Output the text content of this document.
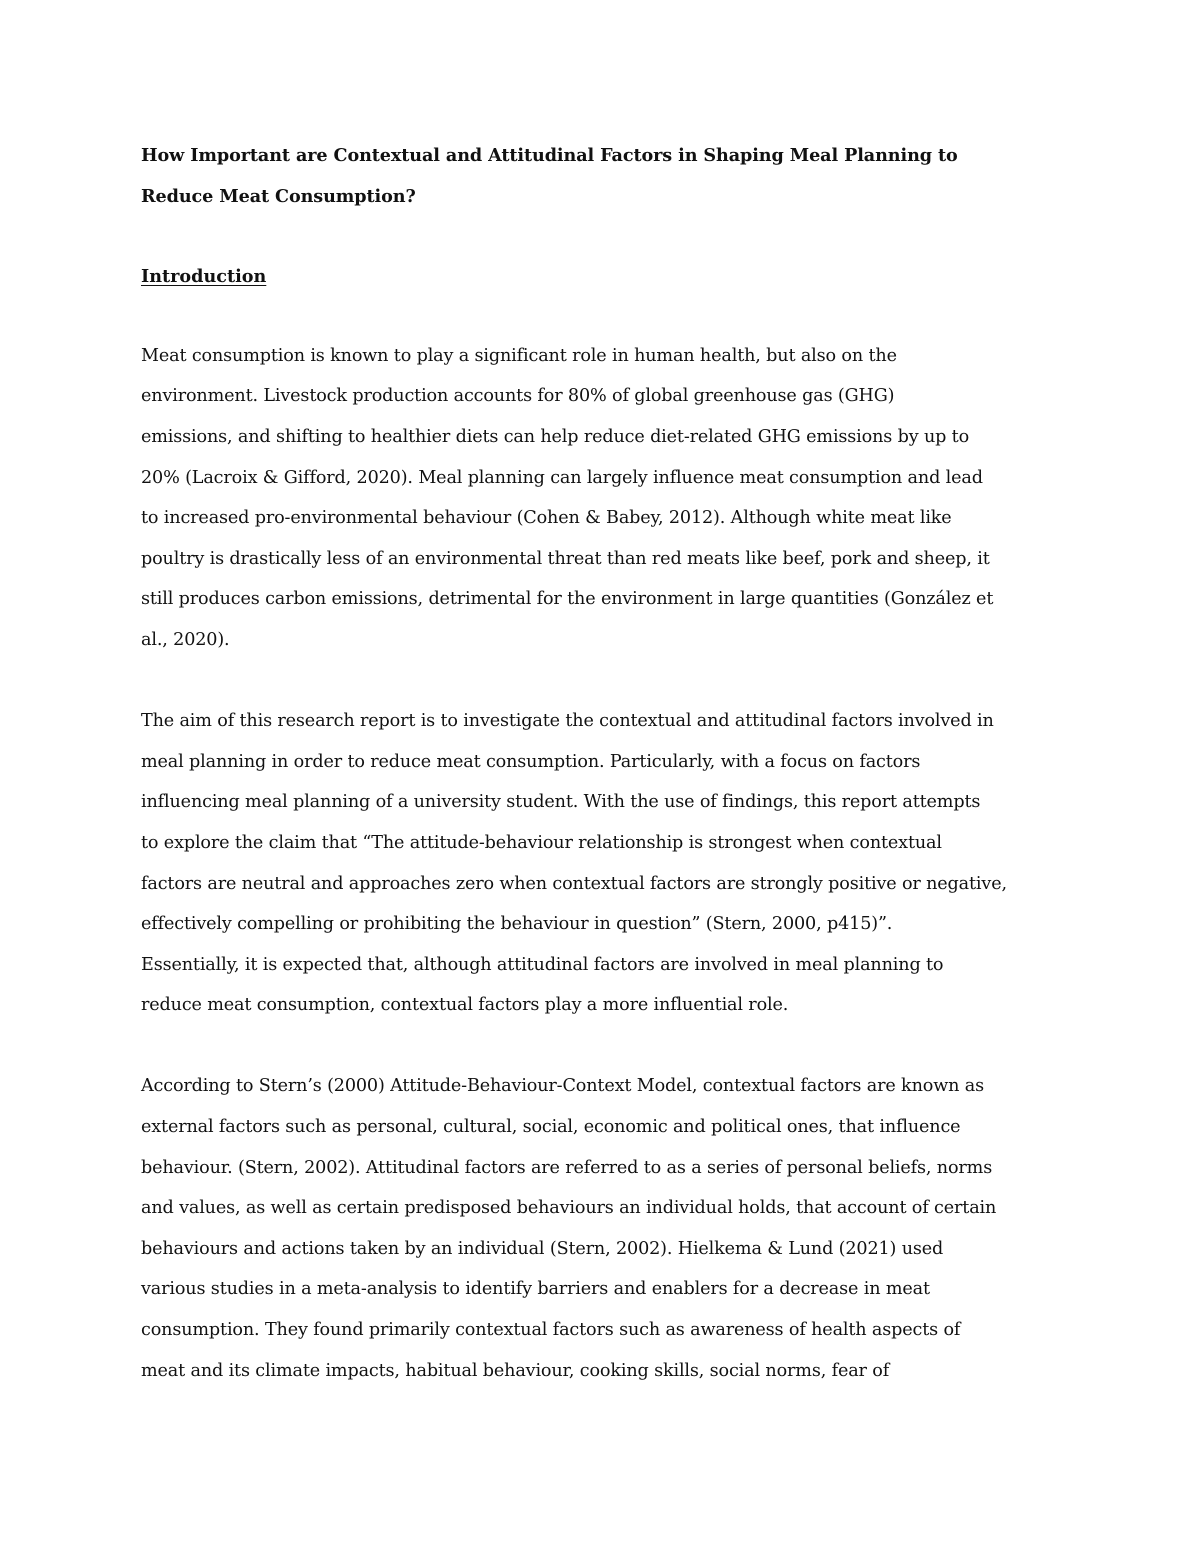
How Important are Contextual and Attitudinal Factors in Shaping Meal Planning to
Reduce Meat Consumption?
Introduction

Meat consumption is known to play a significant role in human health, but also on the
environment. Livestock production accounts for 80% of global greenhouse gas (GHG)
emissions, and shifting to healthier diets can help reduce diet-related GHG emissions by up to
20% (Lacroix & Gifford, 2020). Meal planning can largely influence meat consumption and lead
to increased pro-environmental behaviour (Cohen & Babey, 2012). Although white meat like
poultry is drastically less of an environmental threat than red meats like beef, pork and sheep, it
still produces carbon emissions, detrimental for the environment in large quantities (González et
al., 2020).

The aim of this research report is to investigate the contextual and attitudinal factors involved in
meal planning in order to reduce meat consumption. Particularly, with a focus on factors
influencing meal planning of a university student. With the use of findings, this report attempts
to explore the claim that “The attitude-behaviour relationship is strongest when contextual
factors are neutral and approaches zero when contextual factors are strongly positive or negative,
effectively compelling or prohibiting the behaviour in question” (Stern, 2000, p415)”.
Essentially, it is expected that, although attitudinal factors are involved in meal planning to
reduce meat consumption, contextual factors play a more influential role.

According to Stern’s (2000) Attitude-Behaviour-Context Model, contextual factors are known as
external factors such as personal, cultural, social, economic and political ones, that influence
behaviour. (Stern, 2002). Attitudinal factors are referred to as a series of personal beliefs, norms
and values, as well as certain predisposed behaviours an individual holds, that account of certain
behaviours and actions taken by an individual (Stern, 2002). Hielkema & Lund (2021) used
various studies in a meta-analysis to identify barriers and enablers for a decrease in meat
consumption. They found primarily contextual factors such as awareness of health aspects of
meat and its climate impacts, habitual behaviour, cooking skills, social norms, fear of
